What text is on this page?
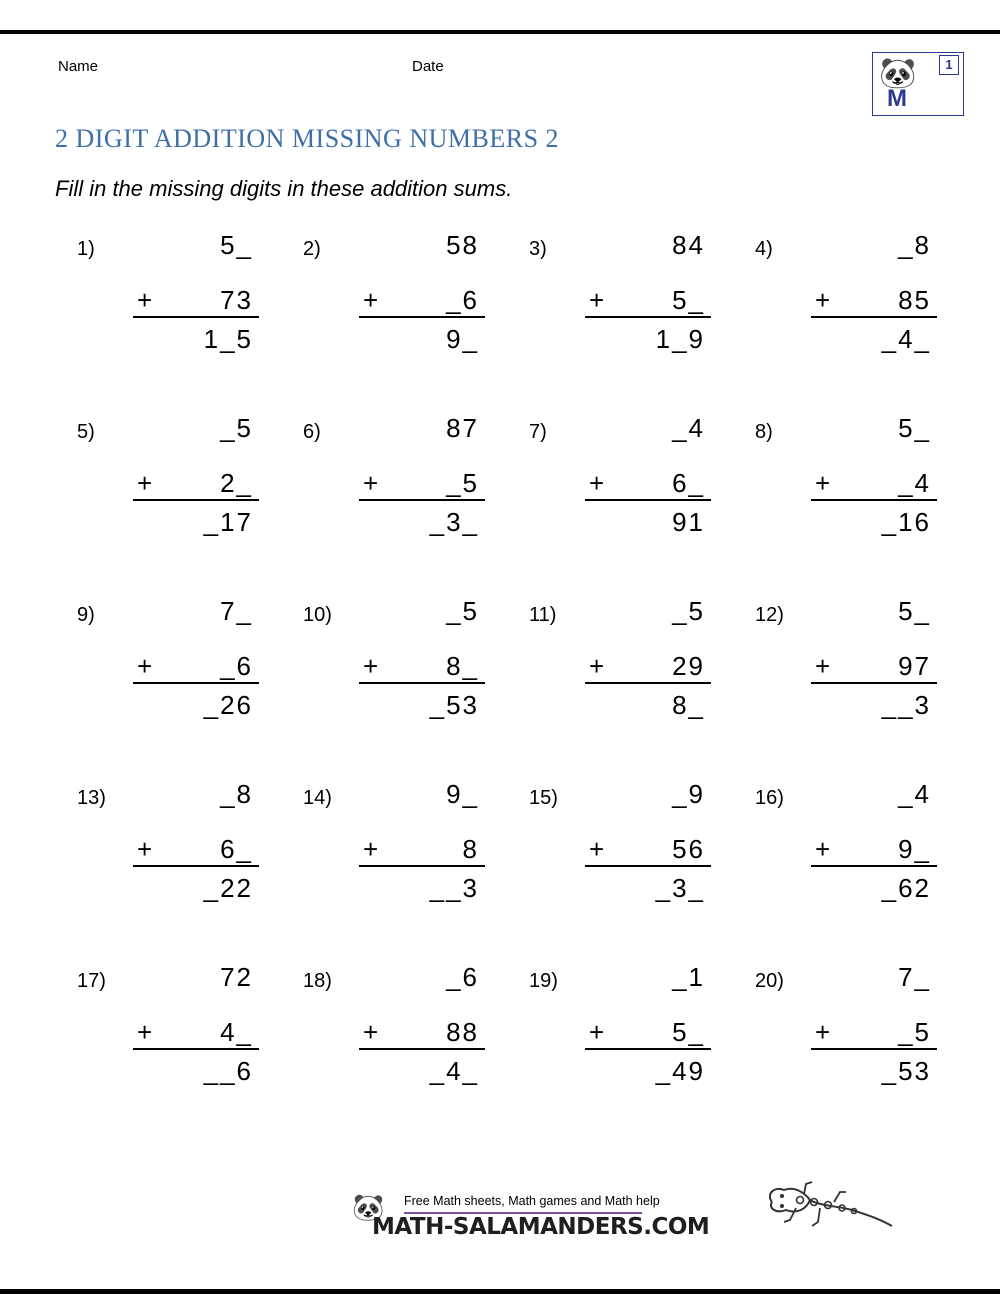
Name	Date	🐼
M
1
2 DIGIT ADDITION MISSING NUMBERS 2
Fill in the missing digits in these addition sums.
1)	5_
+	73
1_5
2)	58
+	_6
9_
3)	84
+	5_
1_9
4)	_8
+	85
_4_
5)	_5
+	2_
_17
6)	87
+	_5
_3_
7)	_4
+	6_
91
8)	5_
+	_4
_16
9)	7_
+	_6
_26
10)	_5
+	8_
_53
11)	_5
+	29
8_
12)	5_
+	97
__3
13)	_8
+	6_
_22
14)	9_
+	8
__3
15)	_9
+	56
_3_
16)	_4
+	9_
_62
17)	72
+	4_
__6
18)	_6
+	88
_4_
19)	_1
+	5_
_49
20)	7_
+	_5
_53
🐼 Free Math sheets, Math games and Math help
MATH-SALAMANDERS.COM
